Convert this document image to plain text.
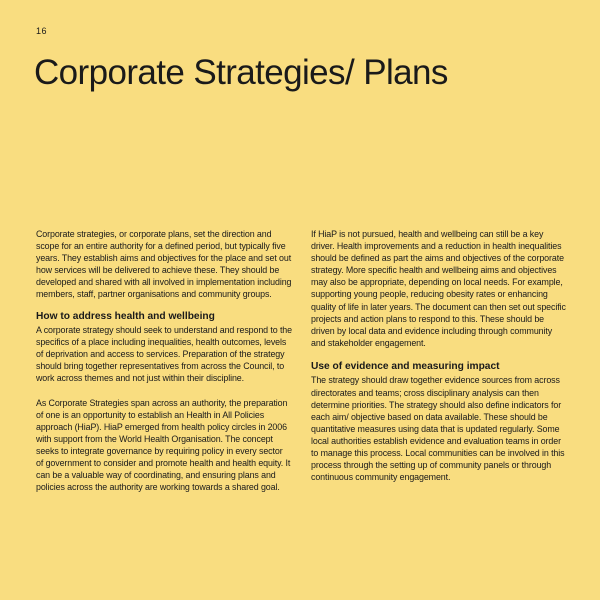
16
Corporate Strategies/ Plans

Corporate strategies, or corporate plans, set the direction and scope for an entire authority for a defined period, but typically five years. They establish aims and objectives for the place and set out how services will be delivered to achieve these. They should be developed and shared with all involved in implementation including members, staff, partner organisations and community groups.

How to address health and wellbeing

A corporate strategy should seek to understand and respond to the specifics of a place including inequalities, health outcomes, levels of deprivation and access to services. Preparation of the strategy should bring together representatives from across the Council, to work across themes and not just within their discipline.

As Corporate Strategies span across an authority, the preparation of one is an opportunity to establish an Health in All Policies approach (HiaP). HiaP emerged from health policy circles in 2006 with support from the World Health Organisation. The concept seeks to integrate governance by requiring policy in every sector of government to consider and promote health and health equity. It can be a valuable way of coordinating, and ensuring plans and policies across the authority are working towards a shared goal.

If HiaP is not pursued, health and wellbeing can still be a key driver. Health improvements and a reduction in health inequalities should be defined as part the aims and objectives of the corporate strategy. More specific health and wellbeing aims and objectives may also be appropriate, depending on local needs. For example, supporting young people, reducing obesity rates or enhancing quality of life in later years. The document can then set out specific projects and action plans to respond to this. These should be driven by local data and evidence including through community and stakeholder engagement.

Use of evidence and measuring impact

The strategy should draw together evidence sources from across directorates and teams; cross disciplinary analysis can then determine priorities. The strategy should also define indicators for each aim/ objective based on data available. These should be quantitative measures using data that is updated regularly. Some local authorities establish evidence and evaluation teams in order to manage this process. Local communities can be involved in this process through the setting up of community panels or through continuous community engagement.
